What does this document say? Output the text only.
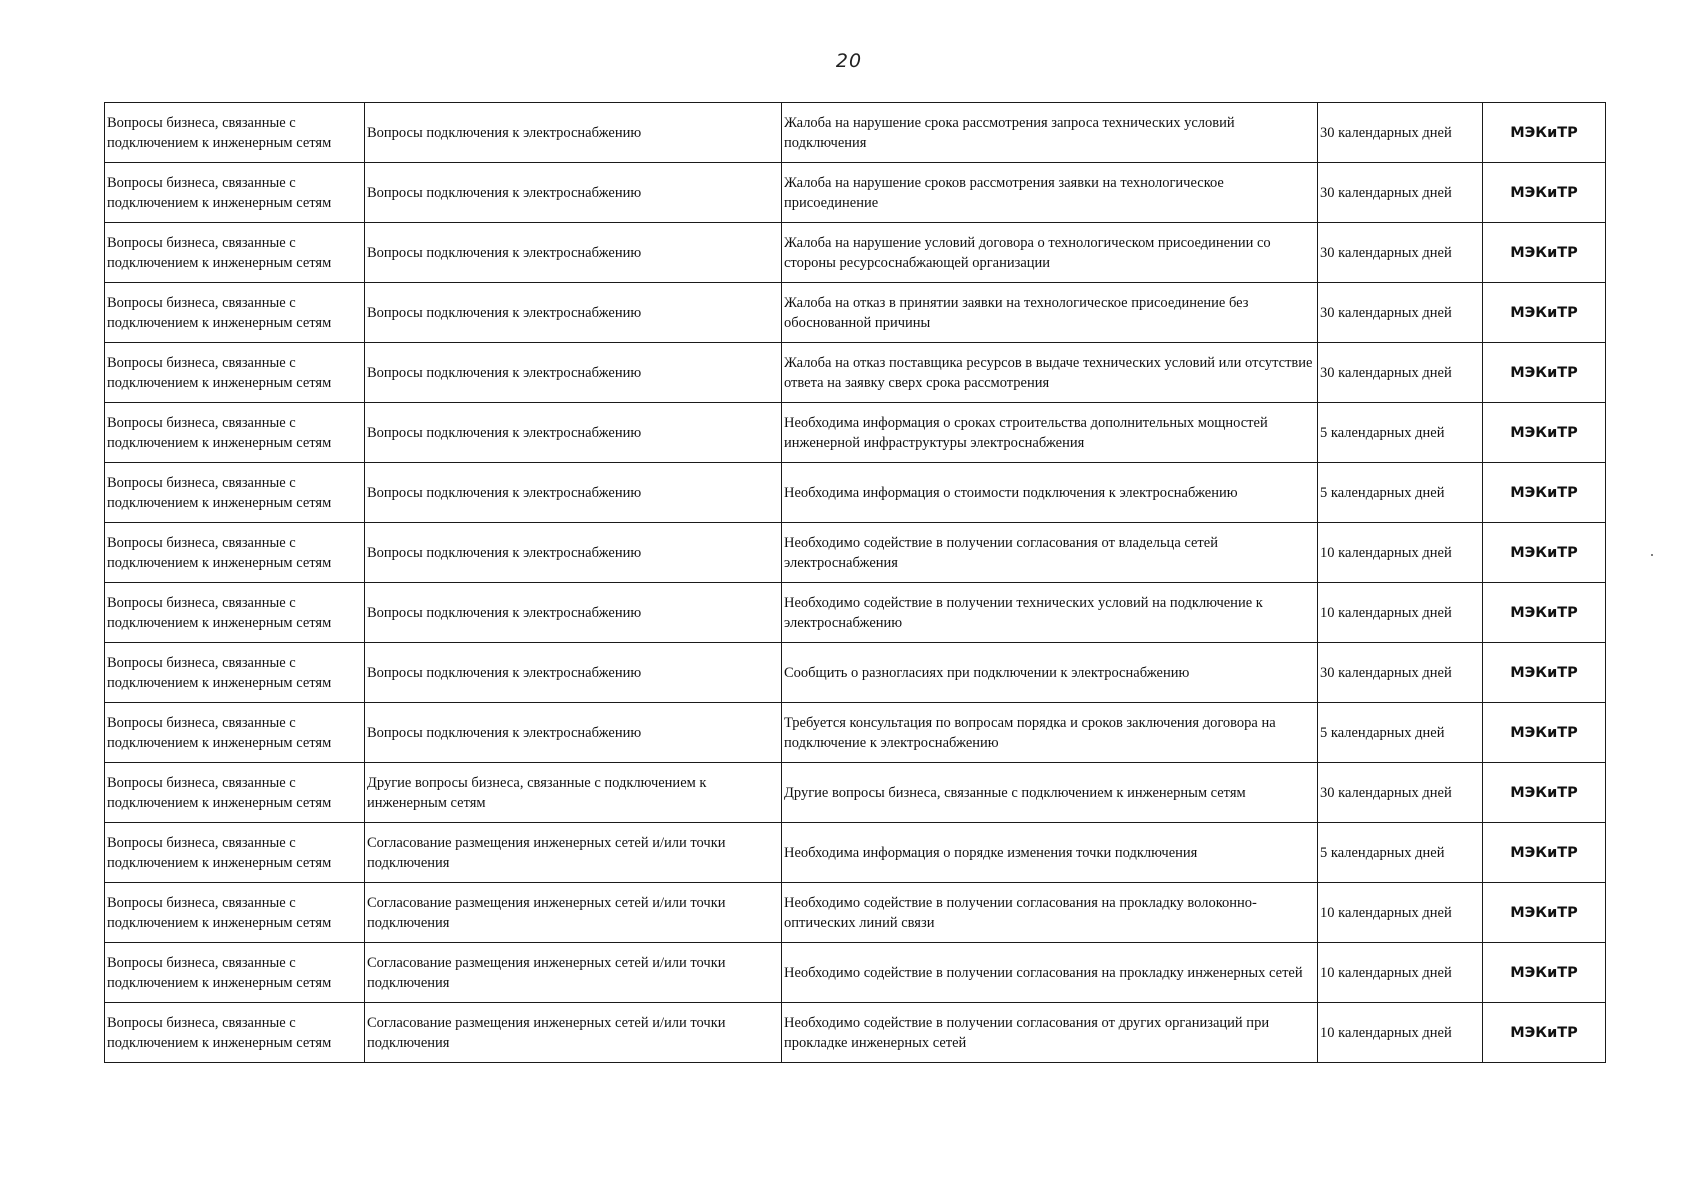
20
Вопросы бизнеса, связанные с подключением к инженерным сетям	Вопросы подключения к электроснабжению	Жалоба на нарушение срока рассмотрения запроса технических условий подключения	30 календарных дней	МЭКиТР
Вопросы бизнеса, связанные с подключением к инженерным сетям	Вопросы подключения к электроснабжению	Жалоба на нарушение сроков рассмотрения заявки на технологическое присоединение	30 календарных дней	МЭКиТР
Вопросы бизнеса, связанные с подключением к инженерным сетям	Вопросы подключения к электроснабжению	Жалоба на нарушение условий договора о технологическом присоединении со стороны ресурсоснабжающей организации	30 календарных дней	МЭКиТР
Вопросы бизнеса, связанные с подключением к инженерным сетям	Вопросы подключения к электроснабжению	Жалоба на отказ в принятии заявки на технологическое присоединение без обоснованной причины	30 календарных дней	МЭКиТР
Вопросы бизнеса, связанные с подключением к инженерным сетям	Вопросы подключения к электроснабжению	Жалоба на отказ поставщика ресурсов в выдаче технических условий или отсутствие ответа на заявку сверх срока рассмотрения	30 календарных дней	МЭКиТР
Вопросы бизнеса, связанные с подключением к инженерным сетям	Вопросы подключения к электроснабжению	Необходима информация о сроках строительства дополнительных мощностей инженерной инфраструктуры электроснабжения	5 календарных дней	МЭКиТР
Вопросы бизнеса, связанные с подключением к инженерным сетям	Вопросы подключения к электроснабжению	Необходима информация о стоимости подключения к электроснабжению	5 календарных дней	МЭКиТР
Вопросы бизнеса, связанные с подключением к инженерным сетям	Вопросы подключения к электроснабжению	Необходимо содействие в получении согласования от владельца сетей электроснабжения	10 календарных дней	МЭКиТР
Вопросы бизнеса, связанные с подключением к инженерным сетям	Вопросы подключения к электроснабжению	Необходимо содействие в получении технических условий на подключение к электроснабжению	10 календарных дней	МЭКиТР
Вопросы бизнеса, связанные с подключением к инженерным сетям	Вопросы подключения к электроснабжению	Сообщить о разногласиях при подключении к электроснабжению	30 календарных дней	МЭКиТР
Вопросы бизнеса, связанные с подключением к инженерным сетям	Вопросы подключения к электроснабжению	Требуется консультация по вопросам порядка и сроков заключения договора на подключение к электроснабжению	5 календарных дней	МЭКиТР
Вопросы бизнеса, связанные с подключением к инженерным сетям	Другие вопросы бизнеса, связанные с подключением к инженерным сетям	Другие вопросы бизнеса, связанные с подключением к инженерным сетям	30 календарных дней	МЭКиТР
Вопросы бизнеса, связанные с подключением к инженерным сетям	Согласование размещения инженерных сетей и/или точки подключения	Необходима информация о порядке изменения точки подключения	5 календарных дней	МЭКиТР
Вопросы бизнеса, связанные с подключением к инженерным сетям	Согласование размещения инженерных сетей и/или точки подключения	Необходимо содействие в получении согласования на прокладку волоконно-оптических линий связи	10 календарных дней	МЭКиТР
Вопросы бизнеса, связанные с подключением к инженерным сетям	Согласование размещения инженерных сетей и/или точки подключения	Необходимо содействие в получении согласования на прокладку инженерных сетей	10 календарных дней	МЭКиТР
Вопросы бизнеса, связанные с подключением к инженерным сетям	Согласование размещения инженерных сетей и/или точки подключения	Необходимо содействие в получении согласования от других организаций при прокладке инженерных сетей	10 календарных дней	МЭКиТР
